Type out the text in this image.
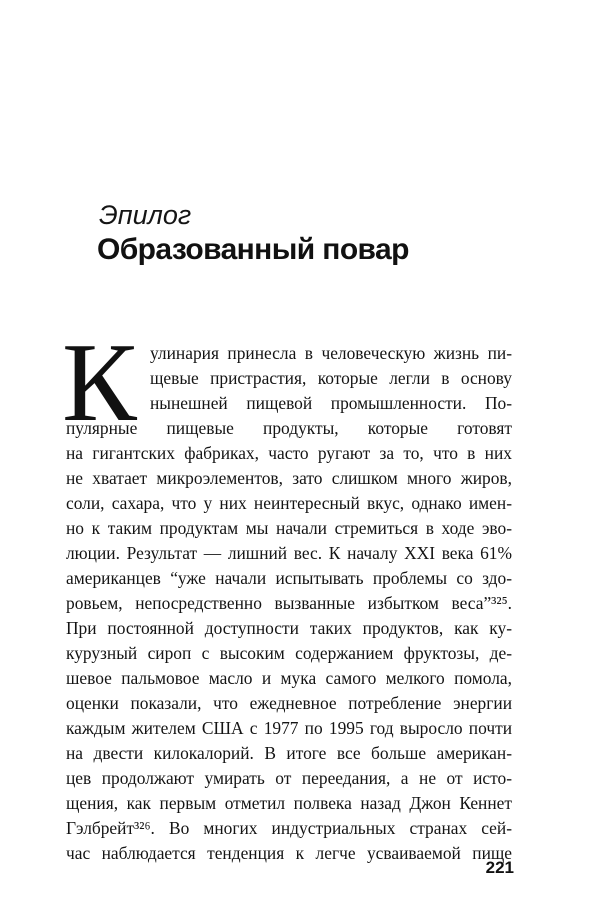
Эпилог
Образованный повар
К улинария принесла в человеческую жизнь пи-
щевые пристрастия, которые легли в основу
нынешней пищевой промышленности. По-
пулярные пищевые продукты, которые готовят
на гигантских фабриках, часто ругают за то, что в них
не хватает микроэлементов, зато слишком много жиров,
соли, сахара, что у них неинтересный вкус, однако имен-
но к таким продуктам мы начали стремиться в ходе эво-
люции. Результат — лишний вес. К началу XXI века 61%
американцев “уже начали испытывать проблемы со здо-
ровьем, непосредственно вызванные избытком веса”³²⁵.
При постоянной доступности таких продуктов, как ку-
курузный сироп с высоким содержанием фруктозы, де-
шевое пальмовое масло и мука самого мелкого помола,
оценки показали, что ежедневное потребление энергии
каждым жителем США с 1977 по 1995 год выросло почти
на двести килокалорий. В итоге все больше американ-
цев продолжают умирать от переедания, а не от исто-
щения, как первым отметил полвека назад Джон Кеннет
Гэлбрейт³²⁶. Во многих индустриальных странах сей-
час наблюдается тенденция к легче усваиваемой пище
221
